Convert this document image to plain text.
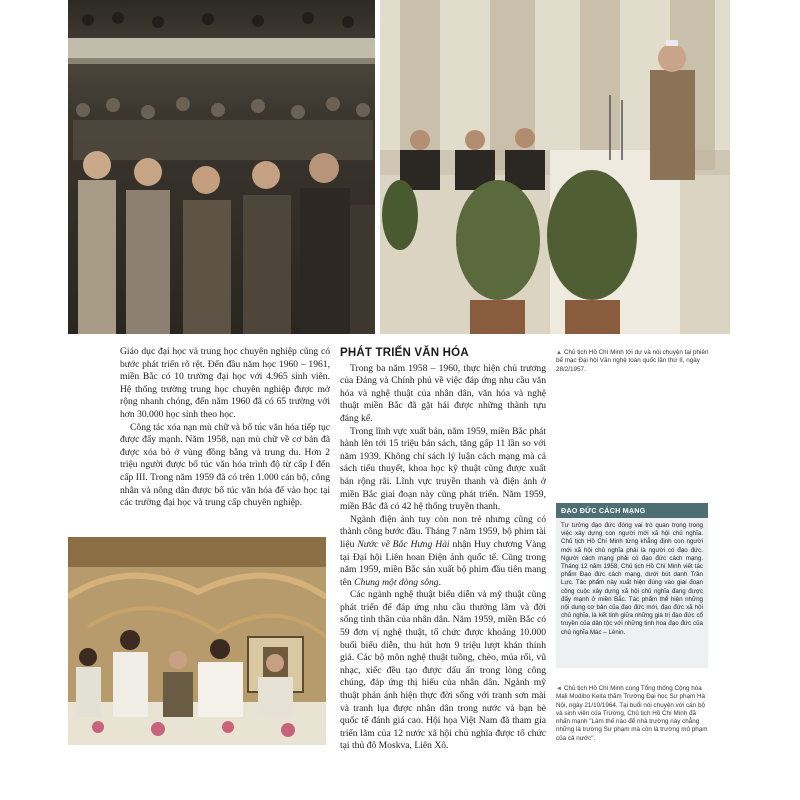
▲ Chủ tịch Hồ Chí Minh tới dự và nói chuyện tại phiên bế mạc Đại hội Văn nghệ toàn quốc lần thứ II, ngày 28/2/1957.

Giáo dục đại học và trung học chuyên nghiệp cũng có bước phát triển rõ rệt. Đến đầu năm học 1960 – 1961, miền Bắc có 10 trường đại học với 4.965 sinh viên. Hệ thống trường trung học chuyên nghiệp được mở rộng nhanh chóng, đến năm 1960 đã có 65 trường với hơn 30.000 học sinh theo học.

Công tác xóa nạn mù chữ và bổ túc văn hóa tiếp tục được đẩy mạnh. Năm 1958, nạn mù chữ về cơ bản đã được xóa bỏ ở vùng đồng bằng và trung du. Hơn 2 triệu người được bổ túc văn hóa trình độ từ cấp I đến cấp III. Trong năm 1959 đã có trên 1.000 cán bộ, công nhân và nông dân được bổ túc văn hóa để vào học tại các trường đại học và trung cấp chuyên nghiệp.

PHÁT TRIỂN VĂN HÓA

Trong ba năm 1958 – 1960, thực hiện chủ trương của Đảng và Chính phủ về việc đáp ứng nhu cầu văn hóa và nghệ thuật của nhân dân, văn hóa và nghệ thuật miền Bắc đã gặt hái được những thành tựu đáng kể.

Trong lĩnh vực xuất bản, năm 1959, miền Bắc phát hành lên tới 15 triệu bản sách, tăng gấp 11 lần so với năm 1939. Không chỉ sách lý luận cách mạng mà cả sách tiểu thuyết, khoa học kỹ thuật cũng được xuất bản rộng rãi. Lĩnh vực truyền thanh và điện ảnh ở miền Bắc giai đoạn này cũng phát triển. Năm 1959, miền Bắc đã có 42 hệ thống truyền thanh.

Ngành điện ảnh tuy còn non trẻ nhưng cũng có thành công bước đầu. Tháng 7 năm 1959, bộ phim tài liệu Nước về Bắc Hưng Hải nhận Huy chương Vàng tại Đại hội Liên hoan Điện ảnh quốc tế. Cũng trong năm 1959, miền Bắc sản xuất bộ phim đầu tiên mang tên Chung một dòng sông.

Các ngành nghệ thuật biểu diễn và mỹ thuật cũng phát triển để đáp ứng nhu cầu thưởng lãm và đời sống tinh thần của nhân dân. Năm 1959, miền Bắc có 59 đơn vị nghệ thuật, tổ chức được khoảng 10.000 buổi biểu diễn, thu hút hơn 9 triệu lượt khán thính giả. Các bộ môn nghệ thuật tuồng, chèo, múa rối, vũ nhạc, xiếc đều tạo được dấu ấn trong lòng công chúng, đáp ứng thị hiếu của nhân dân. Ngành mỹ thuật phản ánh hiện thực đời sống với tranh sơn mài và tranh lụa được nhân dân trong nước và bạn bè quốc tế đánh giá cao. Hội họa Việt Nam đã tham gia triển lãm của 12 nước xã hội chủ nghĩa được tổ chức tại thủ đô Moskva, Liên Xô.

ĐẠO ĐỨC CÁCH MẠNG
Tư tưởng đạo đức đóng vai trò quan trọng trong việc xây dựng con người mới xã hội chủ nghĩa. Chủ tịch Hồ Chí Minh từng khẳng định con người mới xã hội chủ nghĩa phải là người có đạo đức. Người cách mạng phải có đạo đức cách mạng. Tháng 12 năm 1958, Chủ tịch Hồ Chí Minh viết tác phẩm Đạo đức cách mạng, dưới bút danh Trần Lực. Tác phẩm này xuất hiện đúng vào giai đoạn công cuộc xây dựng xã hội chủ nghĩa đang được đẩy mạnh ở miền Bắc. Tác phẩm thể hiện những nội dung cơ bản của đạo đức mới, đạo đức xã hội chủ nghĩa, là kết tinh giữa những giá trị đạo đức cổ truyền của dân tộc với những tinh hoa đạo đức của chủ nghĩa Mác – Lênin.
◄ Chủ tịch Hồ Chí Minh cùng Tổng thống Cộng hòa Mali Modibo Keita thăm Trường Đại học Sư phạm Hà Nội, ngày 21/10/1964. Tại buổi nói chuyện với cán bộ và sinh viên của Trường, Chủ tịch Hồ Chí Minh đã nhấn mạnh "Làm thế nào để nhà trường này chẳng những là trường Sư phạm mà còn là trường mô phạm của cả nước".
